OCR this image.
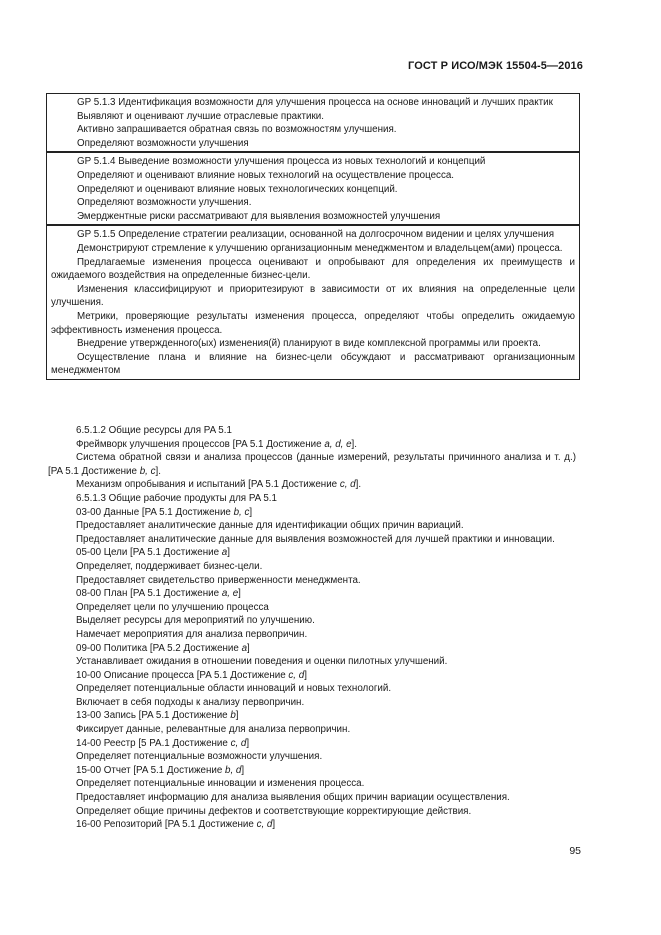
ГОСТ Р ИСО/МЭК 15504-5—2016
GP 5.1.3 Идентификация возможности для улучшения процесса на основе инноваций и лучших практик
Выявляют и оценивают лучшие отраслевые практики.
Активно запрашивается обратная связь по возможностям улучшения.
Определяют возможности улучшения
GP 5.1.4 Выведение возможности улучшения процесса из новых технологий и концепций
Определяют и оценивают влияние новых технологий на осуществление процесса.
Определяют и оценивают влияние новых технологических концепций.
Определяют возможности улучшения.
Эмерджентные риски рассматривают для выявления возможностей улучшения
GP 5.1.5 Определение стратегии реализации, основанной на долгосрочном видении и целях улучшения
Демонстрируют стремление к улучшению организационным менеджментом и владельцем(ами) процесса.
Предлагаемые изменения процесса оценивают и опробывают для определения их преимуществ и ожидаемого воздействия на определенные бизнес-цели.
Изменения классифицируют и приоритезируют в зависимости от их влияния на определенные цели улучшения.
Метрики, проверяющие результаты изменения процесса, определяют чтобы определить ожидаемую эффективность изменения процесса.
Внедрение утвержденного(ых) изменения(й) планируют в виде комплексной программы или проекта.
Осуществление плана и влияние на бизнес-цели обсуждают и рассматривают организационным менеджментом
6.5.1.2 Общие ресурсы для PA 5.1
Фреймворк улучшения процессов [PA 5.1 Достижение a, d, e].
Система обратной связи и анализа процессов (данные измерений, результаты причинного анализа и т. д.) [PA 5.1 Достижение b, c].
Механизм опробывания и испытаний [PA 5.1 Достижение c, d].
6.5.1.3 Общие рабочие продукты для PA 5.1
03-00 Данные [PA 5.1 Достижение b, c]
Предоставляет аналитические данные для идентификации общих причин вариаций.
Предоставляет аналитические данные для выявления возможностей для лучшей практики и инновации.
05-00 Цели [PA 5.1 Достижение a]
Определяет, поддерживает бизнес-цели.
Предоставляет свидетельство приверженности менеджмента.
08-00 План [PA 5.1 Достижение a, e]
Определяет цели по улучшению процесса
Выделяет ресурсы для мероприятий по улучшению.
Намечает мероприятия для анализа первопричин.
09-00 Политика [PA 5.2 Достижение a]
Устанавливает ожидания в отношении поведения и оценки пилотных улучшений.
10-00 Описание процесса [PA 5.1 Достижение c, d]
Определяет потенциальные области инноваций и новых технологий.
Включает в себя подходы к анализу первопричин.
13-00 Запись [PA 5.1 Достижение b]
Фиксирует данные, релевантные для анализа первопричин.
14-00 Реестр [5 PA.1 Достижение c, d]
Определяет потенциальные возможности улучшения.
15-00 Отчет [PA 5.1 Достижение b, d]
Определяет потенциальные инновации и изменения процесса.
Предоставляет информацию для анализа выявления общих причин вариации осуществления.
Определяет общие причины дефектов и соответствующие корректирующие действия.
16-00 Репозиторий [PA 5.1 Достижение c, d]
95
